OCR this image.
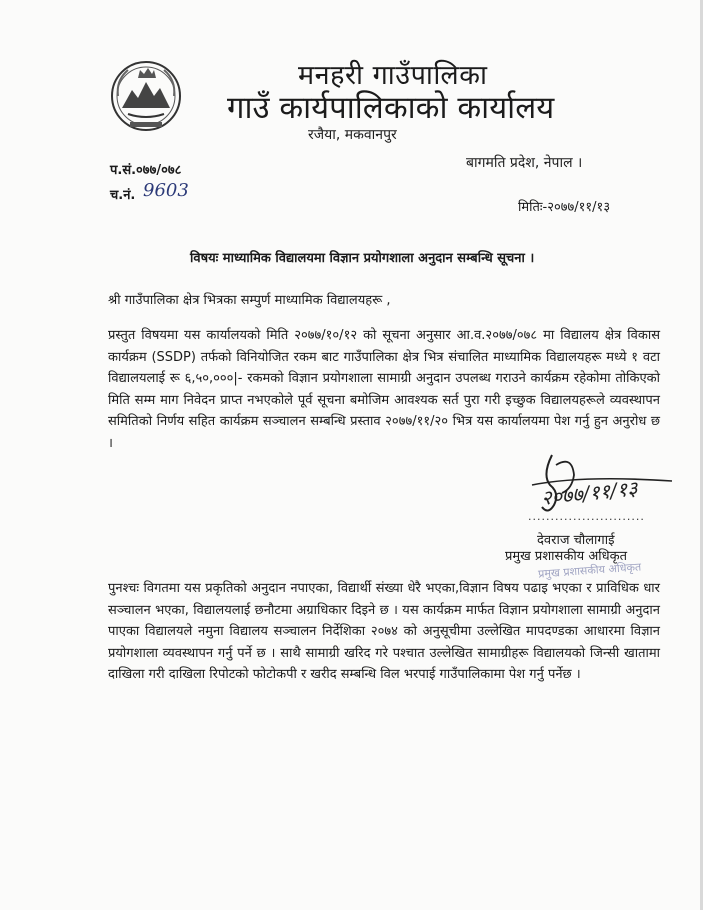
मनहरी गाउँपालिका
गाउँ कार्यपालिकाको कार्यालय
रजैया, मकवानपुर
बागमति प्रदेश, नेपाल ।
प.सं.०७७/०७८
च.नं. 9603
मितिः-२०७७/११/१३
विषयः माध्यामिक विद्यालयमा विज्ञान प्रयोगशाला अनुदान सम्बन्धि सूचना ।
श्री गाउँपालिका क्षेत्र भित्रका सम्पुर्ण माध्यामिक विद्यालयहरू ,

प्रस्तुत विषयमा यस कार्यालयको मिति २०७७/१०/१२ को सूचना अनुसार आ.व.२०७७/०७८ मा विद्यालय क्षेत्र विकास कार्यक्रम (SSDP) तर्फको विनियोजित रकम बाट गाउँपालिका क्षेत्र भित्र संचालित माध्यामिक विद्यालयहरू मध्ये १ वटा विद्यालयलाई रू ६,५०,०००|- रकमको विज्ञान प्रयोगशाला सामाग्री अनुदान उपलब्ध गराउने कार्यक्रम रहेकोमा तोकिएको मिति सम्म माग निवेदन प्राप्त नभएकोले पूर्व सूचना बमोजिम आवश्यक सर्त पुरा गरी इच्छुक विद्यालयहरूले व्यवस्थापन समितिको निर्णय सहित कार्यक्रम सञ्चालन सम्बन्धि प्रस्ताव २०७७/११/२० भित्र यस कार्यालयमा पेश गर्नु हुन अनुरोध छ ।

२०७७/११/१३
..........................
देवराज चौलागाई
प्रमुख प्रशासकीय अधिकृत
प्रमुख प्रशासकीय अधिकृत

पुनश्चः विगतमा यस प्रकृतिको अनुदान नपाएका, विद्यार्थी संख्या धेरै भएका,विज्ञान विषय पढाइ भएका र प्राविधिक धार सञ्चालन भएका, विद्यालयलाई छनौटमा अग्राधिकार दिइने छ । यस कार्यक्रम मार्फत विज्ञान प्रयोगशाला सामाग्री अनुदान पाएका विद्यालयले नमुना विद्यालय सञ्चालन निर्देशिका २०७४ को अनुसूचीमा उल्लेखित मापदण्डका आधारमा विज्ञान प्रयोगशाला व्यवस्थापन गर्नु पर्ने छ । साथै सामाग्री खरिद गरे पश्चात उल्लेखित सामाग्रीहरू विद्यालयको जिन्सी खातामा दाखिला गरी दाखिला रिपोटको फोटोकपी र खरीद सम्बन्धि विल भरपाई गाउँपालिकामा पेश गर्नु पर्नेछ ।
